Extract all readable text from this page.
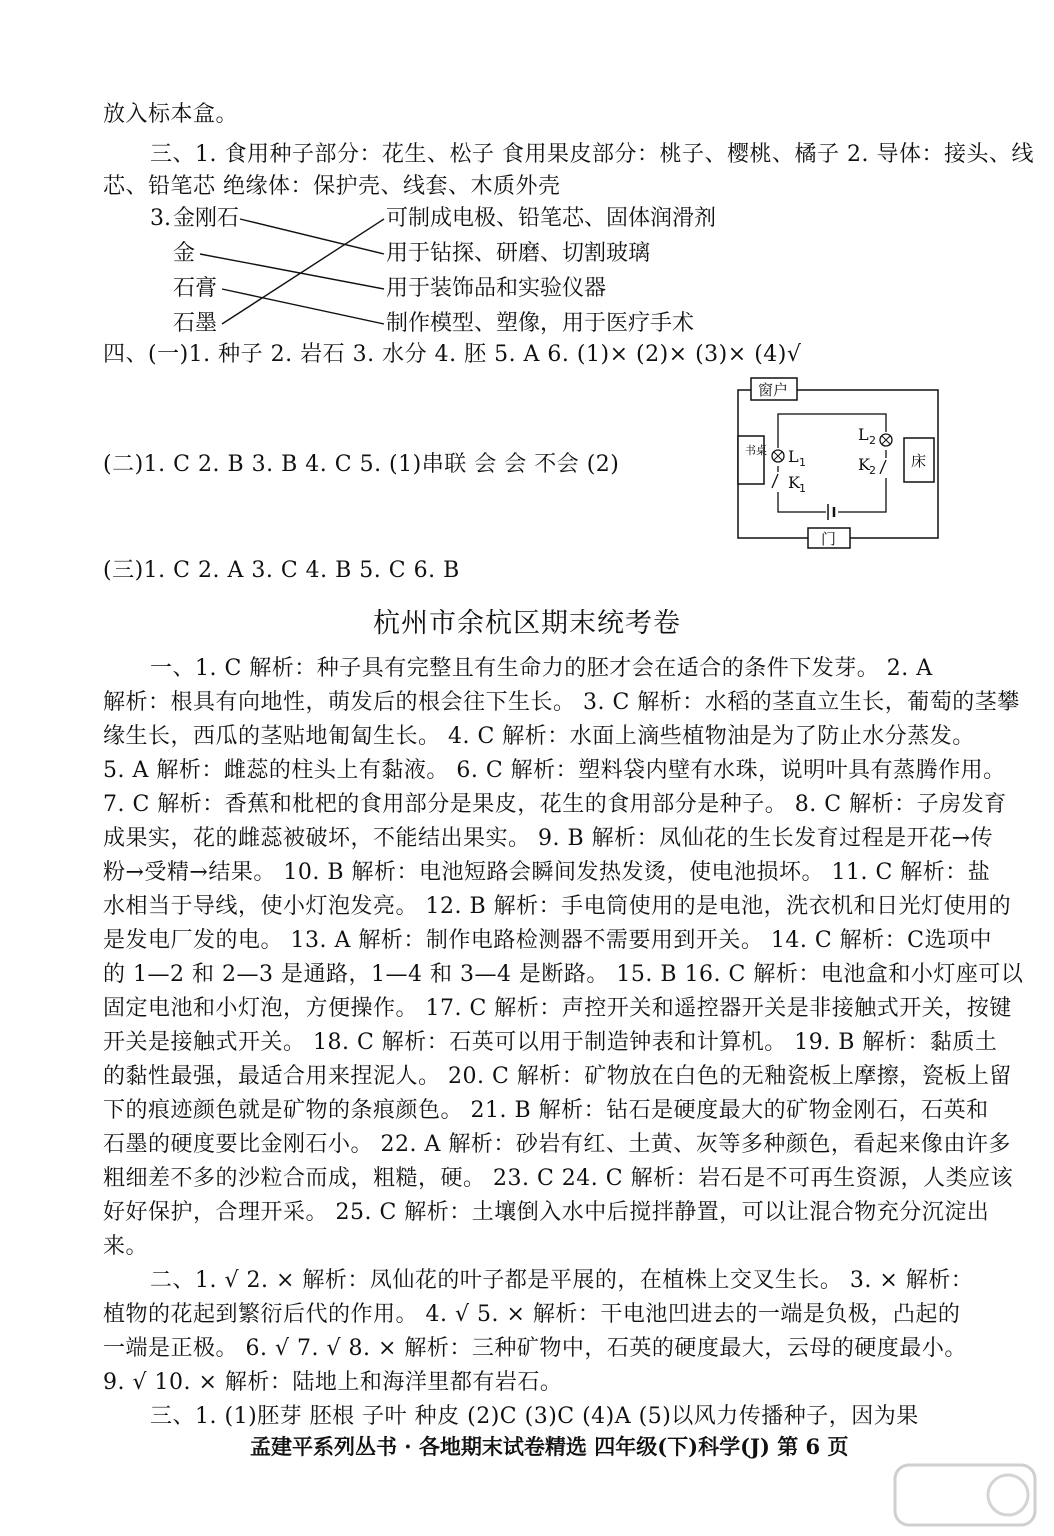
放入标本盒。
三、1. 食用种子部分：花生、松子 食用果皮部分：桃子、樱桃、橘子 2. 导体：接头、线
芯、铅笔芯 绝缘体：保护壳、线套、木质外壳
3. 金刚石
金
石膏
石墨
可制成电极、铅笔芯、固体润滑剂
用于钻探、研磨、切割玻璃
用于装饰品和实验仪器
制作模型、塑像，用于医疗手术
四、(一)1. 种子 2. 岩石 3. 水分 4. 胚 5. A 6. (1)× (2)× (3)× (4)√
(二)1. C 2. B 3. B 4. C 5. (1)串联 会 会 不会 (2)
窗户
门
书桌
床
L 1
K 1
L 2
K 2
(三)1. C 2. A 3. C 4. B 5. C 6. B
杭州市余杭区期末统考卷
一、1. C 解析：种子具有完整且有生命力的胚才会在适合的条件下发芽。 2. A
解析：根具有向地性，萌发后的根会往下生长。 3. C 解析：水稻的茎直立生长，葡萄的茎攀
缘生长，西瓜的茎贴地匍匐生长。 4. C 解析：水面上滴些植物油是为了防止水分蒸发。
5. A 解析：雌蕊的柱头上有黏液。 6. C 解析：塑料袋内壁有水珠，说明叶具有蒸腾作用。
7. C 解析：香蕉和枇杷的食用部分是果皮，花生的食用部分是种子。 8. C 解析：子房发育
成果实，花的雌蕊被破坏，不能结出果实。 9. B 解析：凤仙花的生长发育过程是开花→传
粉→受精→结果。 10. B 解析：电池短路会瞬间发热发烫，使电池损坏。 11. C 解析：盐
水相当于导线，使小灯泡发亮。 12. B 解析：手电筒使用的是电池，洗衣机和日光灯使用的
是发电厂发的电。 13. A 解析：制作电路检测器不需要用到开关。 14. C 解析：C选项中
的 1—2 和 2—3 是通路，1—4 和 3—4 是断路。 15. B 16. C 解析：电池盒和小灯座可以
固定电池和小灯泡，方便操作。 17. C 解析：声控开关和遥控器开关是非接触式开关，按键
开关是接触式开关。 18. C 解析：石英可以用于制造钟表和计算机。 19. B 解析：黏质土
的黏性最强，最适合用来捏泥人。 20. C 解析：矿物放在白色的无釉瓷板上摩擦，瓷板上留
下的痕迹颜色就是矿物的条痕颜色。 21. B 解析：钻石是硬度最大的矿物金刚石，石英和
石墨的硬度要比金刚石小。 22. A 解析：砂岩有红、土黄、灰等多种颜色，看起来像由许多
粗细差不多的沙粒合而成，粗糙，硬。 23. C 24. C 解析：岩石是不可再生资源，人类应该
好好保护，合理开采。 25. C 解析：土壤倒入水中后搅拌静置，可以让混合物充分沉淀出
来。
二、1. √ 2. × 解析：凤仙花的叶子都是平展的，在植株上交叉生长。 3. × 解析：
植物的花起到繁衍后代的作用。 4. √ 5. × 解析：干电池凹进去的一端是负极，凸起的
一端是正极。 6. √ 7. √ 8. × 解析：三种矿物中，石英的硬度最大，云母的硬度最小。
9. √ 10. × 解析：陆地上和海洋里都有岩石。
三、1. (1)胚芽 胚根 子叶 种皮 (2)C (3)C (4)A (5)以风力传播种子，因为果
孟建平系列丛书 · 各地期末试卷精选 四年级(下)科学(J) 第 6 页
